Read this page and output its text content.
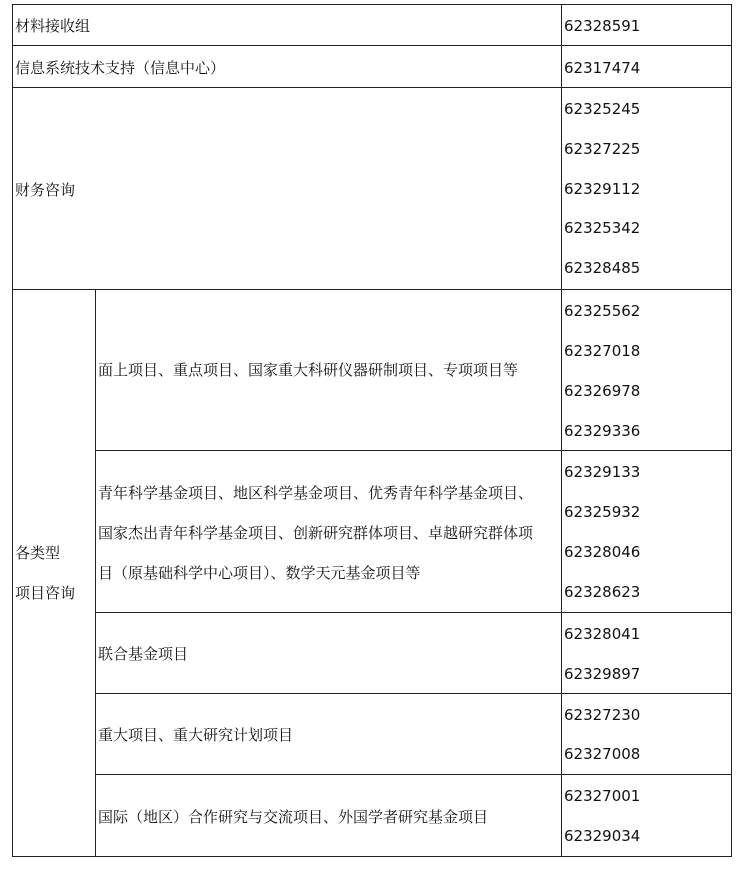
材料接收组	62328591
信息系统技术支持（信息中心）	62317474
财务咨询
62325245
62327225
62329112
62325342
62328485
各类型
项目咨询
面上项目、重点项目、国家重大科研仪器研制项目、专项项目等
62325562
62327018
62326978
62329336
青年科学基金项目、地区科学基金项目、优秀青年科学基金项目、
国家杰出青年科学基金项目、创新研究群体项目、卓越研究群体项
目（原基础科学中心项目）、数学天元基金项目等
62329133
62325932
62328046
62328623
联合基金项目
62328041
62329897
重大项目、重大研究计划项目
62327230
62327008
国际（地区）合作研究与交流项目、外国学者研究基金项目
62327001
62329034
